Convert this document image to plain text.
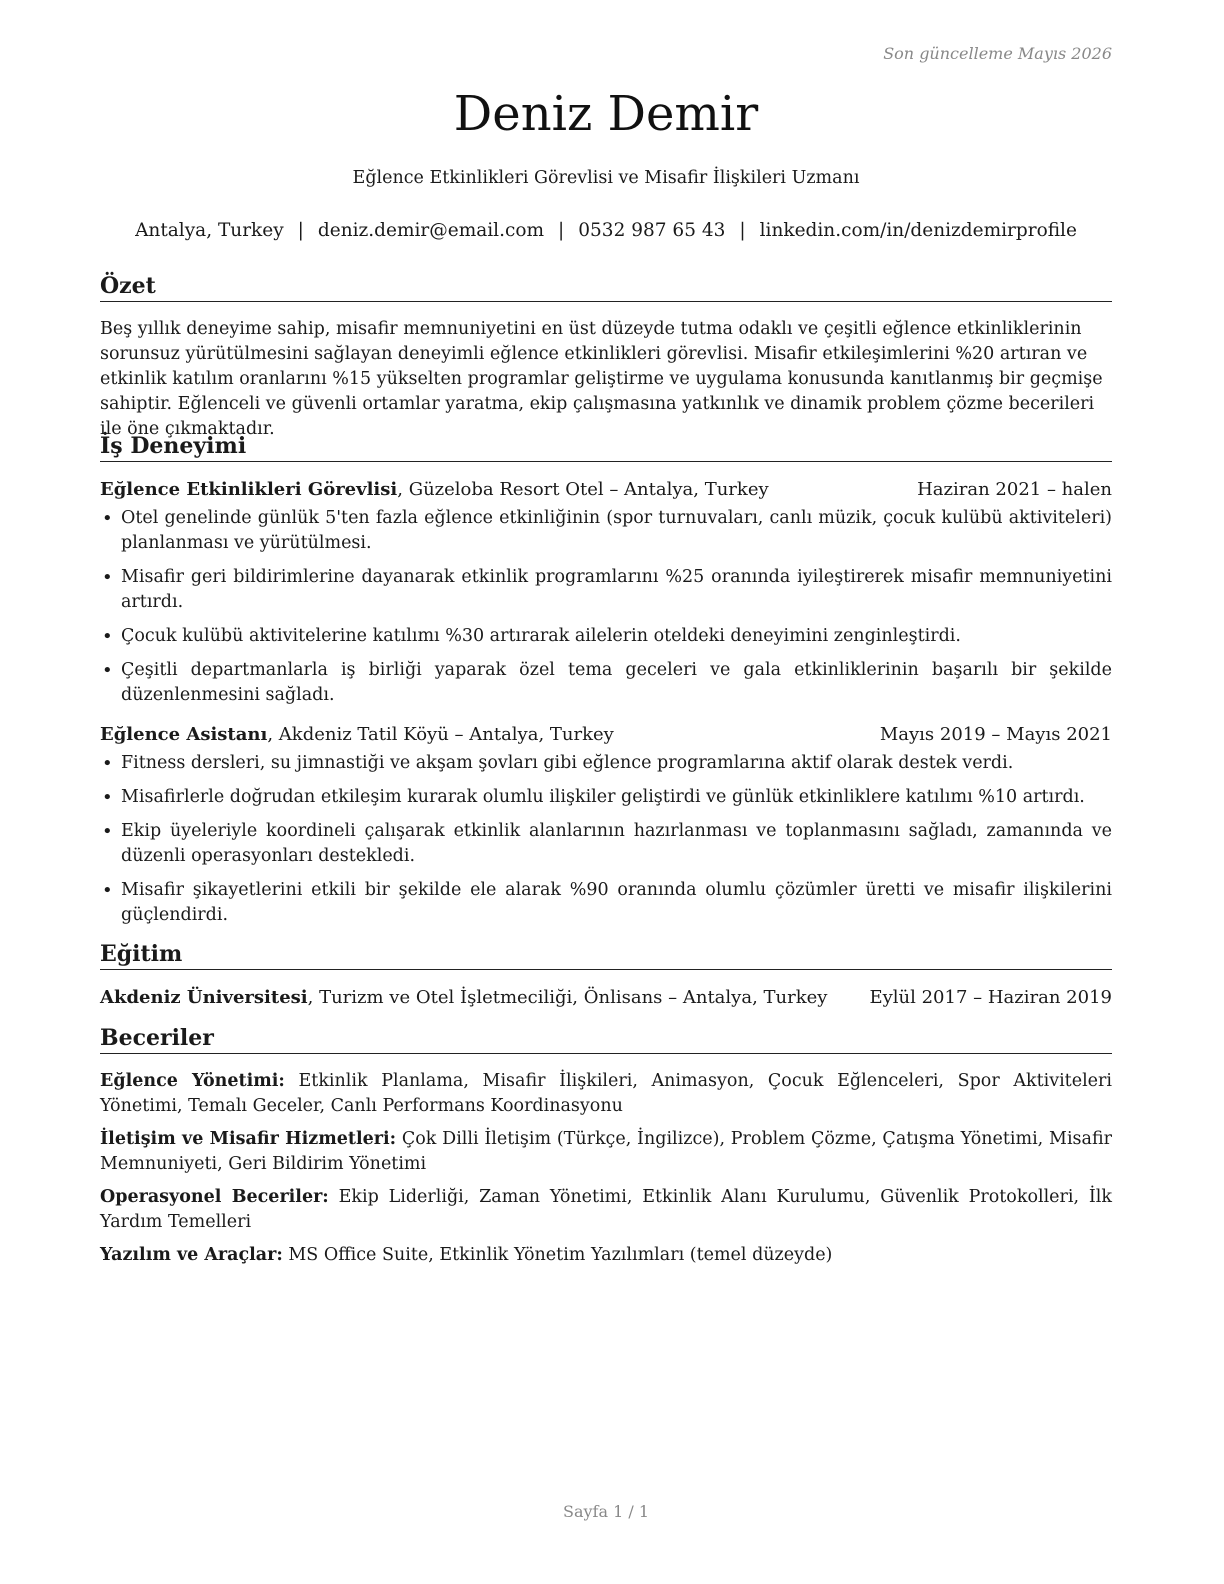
Son güncelleme Mayıs 2026
Deniz Demir
Eğlence Etkinlikleri Görevlisi ve Misafir İlişkileri Uzmanı
Antalya, Turkey | deniz.demir@email.com | 0532 987 65 43 | linkedin.com/in/denizdemirprofile
Özet

Beş yıllık deneyime sahip, misafir memnuniyetini en üst düzeyde tutma odaklı ve çeşitli eğlence etkinliklerinin sorunsuz yürütülmesini sağlayan deneyimli eğlence etkinlikleri görevlisi. Misafir etkileşimlerini %20 artıran ve etkinlik katılım oranlarını %15 yükselten programlar geliştirme ve uygulama konusunda kanıtlanmış bir geçmişe sahiptir. Eğlenceli ve güvenli ortamlar yaratma, ekip çalışmasına yatkınlık ve dinamik problem çözme becerileri ile öne çıkmaktadır.

İş Deneyimi
Eğlence Etkinlikleri Görevlisi, Güzeloba Resort Otel – Antalya, Turkey	Haziran 2021 – halen
• Otel genelinde günlük 5'ten fazla eğlence etkinliğinin (spor turnuvaları, canlı müzik, çocuk kulübü aktiviteleri) planlanması ve yürütülmesi.
• Misafir geri bildirimlerine dayanarak etkinlik programlarını %25 oranında iyileştirerek misafir memnuniyetini artırdı.
• Çocuk kulübü aktivitelerine katılımı %30 artırarak ailelerin oteldeki deneyimini zenginleştirdi.
• Çeşitli departmanlarla iş birliği yaparak özel tema geceleri ve gala etkinliklerinin başarılı bir şekilde düzenlenmesini sağladı.
Eğlence Asistanı, Akdeniz Tatil Köyü – Antalya, Turkey	Mayıs 2019 – Mayıs 2021
• Fitness dersleri, su jimnastiği ve akşam şovları gibi eğlence programlarına aktif olarak destek verdi.
• Misafirlerle doğrudan etkileşim kurarak olumlu ilişkiler geliştirdi ve günlük etkinliklere katılımı %10 artırdı.
• Ekip üyeleriyle koordineli çalışarak etkinlik alanlarının hazırlanması ve toplanmasını sağladı, zamanında ve düzenli operasyonları destekledi.
• Misafir şikayetlerini etkili bir şekilde ele alarak %90 oranında olumlu çözümler üretti ve misafir ilişkilerini güçlendirdi.
Eğitim
Akdeniz Üniversitesi, Turizm ve Otel İşletmeciliği, Önlisans – Antalya, Turkey Eylül 2017 – Haziran 2019
Beceriler

Eğlence Yönetimi: Etkinlik Planlama, Misafir İlişkileri, Animasyon, Çocuk Eğlenceleri, Spor Aktiviteleri Yönetimi, Temalı Geceler, Canlı Performans Koordinasyonu

İletişim ve Misafir Hizmetleri: Çok Dilli İletişim (Türkçe, İngilizce), Problem Çözme, Çatışma Yönetimi, Misafir Memnuniyeti, Geri Bildirim Yönetimi

Operasyonel Beceriler: Ekip Liderliği, Zaman Yönetimi, Etkinlik Alanı Kurulumu, Güvenlik Protokolleri, İlk Yardım Temelleri

Yazılım ve Araçlar: MS Office Suite, Etkinlik Yönetim Yazılımları (temel düzeyde)

Sayfa 1 / 1
